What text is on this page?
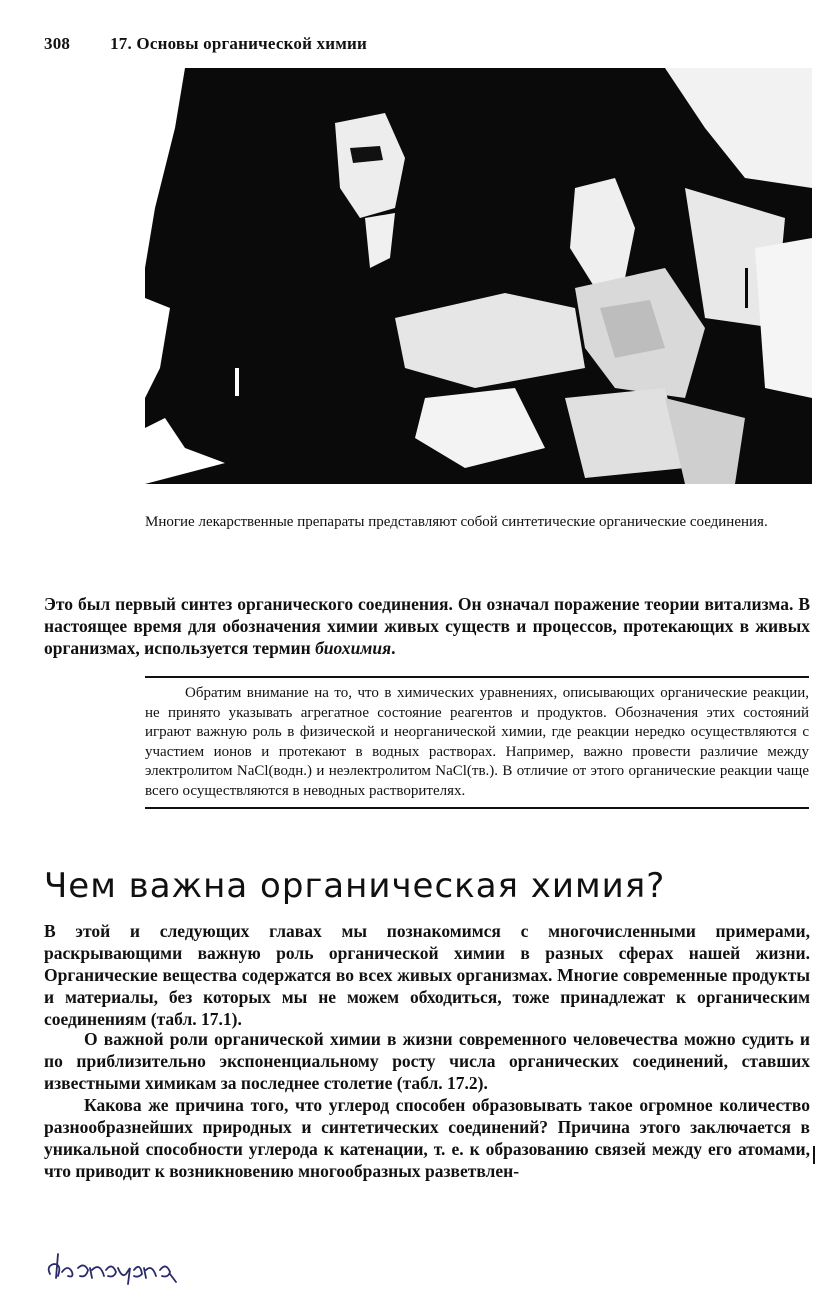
308 17. Основы органической химии
Многие лекарственные препараты представляют собой синтетические органические соединения.
Это был первый синтез органического соединения. Он означал поражение теории витализма. В настоящее время для обозначения химии живых существ и процессов, протекающих в живых организмах, используется термин биохимия.
Обратим внимание на то, что в химических уравнениях, описывающих органические реакции, не принято указывать агрегатное состояние реагентов и продуктов. Обозначения этих состояний играют важную роль в физической и неорганической химии, где реакции нередко осуществляются с участием ионов и протекают в водных растворах. Например, важно провести различие между электролитом NaCl(водн.) и неэлектролитом NaCl(тв.). В отличие от этого органические реакции чаще всего осуществляются в неводных растворителях.
Чем важна органическая химия?
В этой и следующих главах мы познакомимся с многочисленными примерами, раскрывающими важную роль органической химии в разных сферах нашей жизни. Органические вещества содержатся во всех живых организмах. Многие современные продукты и материалы, без которых мы не можем обходиться, тоже принадлежат к органическим соединениям (табл. 17.1).
О важной роли органической химии в жизни современного человечества можно судить и по приблизительно экспоненциальному росту числа органических соединений, ставших известными химикам за последнее столетие (табл. 17.2).
Какова же причина того, что углерод способен образовывать такое огромное количество разнообразнейших природных и синтетических соединений? Причина этого заключается в уникальной способности углерода к катенации, т. е. к образованию связей между его атомами, что приводит к возникновению многообразных разветвлен-
